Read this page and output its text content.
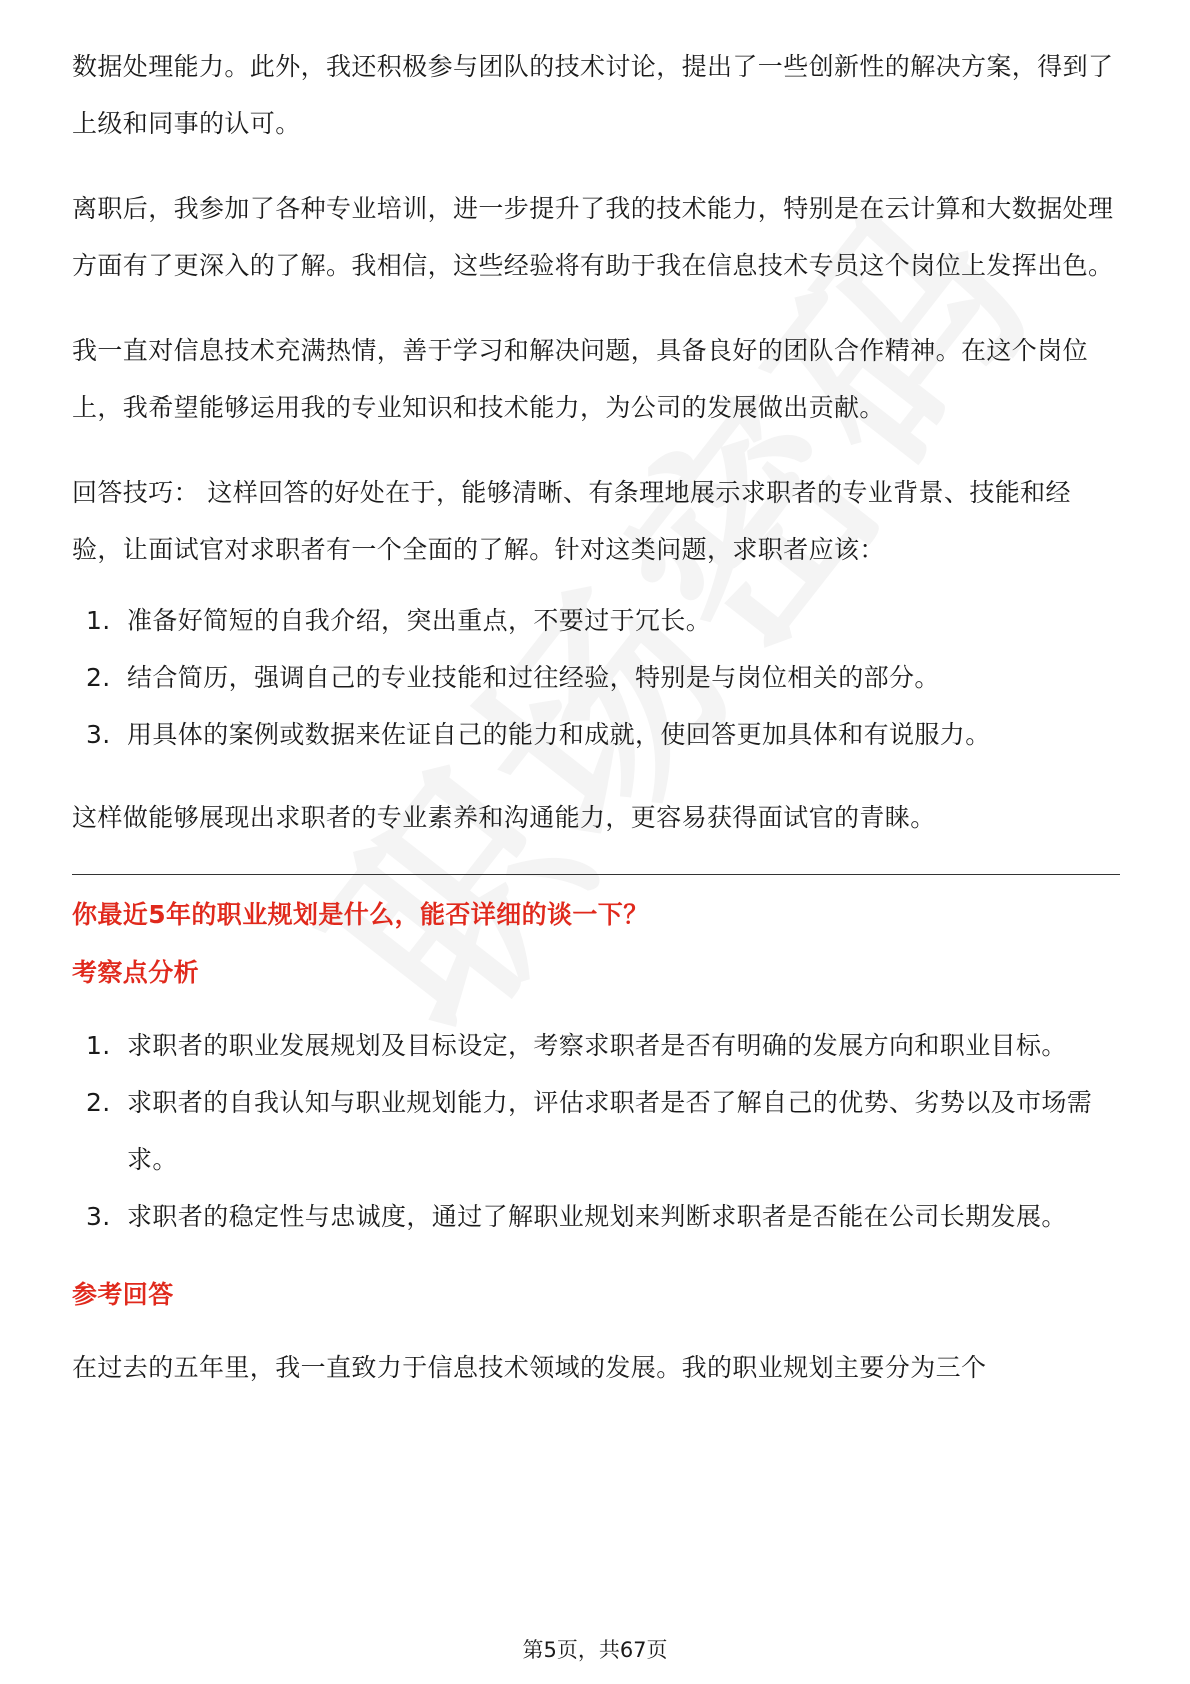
数据处理能力。此外，我还积极参与团队的技术讨论，提出了一些创新性的解决方案，得到了上级和同事的认可。

离职后，我参加了各种专业培训，进一步提升了我的技术能力，特别是在云计算和大数据处理方面有了更深入的了解。我相信，这些经验将有助于我在信息技术专员这个岗位上发挥出色。

我一直对信息技术充满热情，善于学习和解决问题，具备良好的团队合作精神。在这个岗位上，我希望能够运用我的专业知识和技术能力，为公司的发展做出贡献。

回答技巧： 这样回答的好处在于，能够清晰、有条理地展示求职者的专业背景、技能和经验，让面试官对求职者有一个全面的了解。针对这类问题，求职者应该：

1. 准备好简短的自我介绍，突出重点，不要过于冗长。
2. 结合简历，强调自己的专业技能和过往经验，特别是与岗位相关的部分。
3. 用具体的案例或数据来佐证自己的能力和成就，使回答更加具体和有说服力。

这样做能够展现出求职者的专业素养和沟通能力，更容易获得面试官的青睐。

你最近5年的职业规划是什么，能否详细的谈一下？
考察点分析
1. 求职者的职业发展规划及目标设定，考察求职者是否有明确的发展方向和职业目标。
2. 求职者的自我认知与职业规划能力，评估求职者是否了解自己的优势、劣势以及市场需求。
3. 求职者的稳定性与忠诚度，通过了解职业规划来判断求职者是否能在公司长期发展。
参考回答

在过去的五年里，我一直致力于信息技术领域的发展。我的职业规划主要分为三个

第5页，共67页
